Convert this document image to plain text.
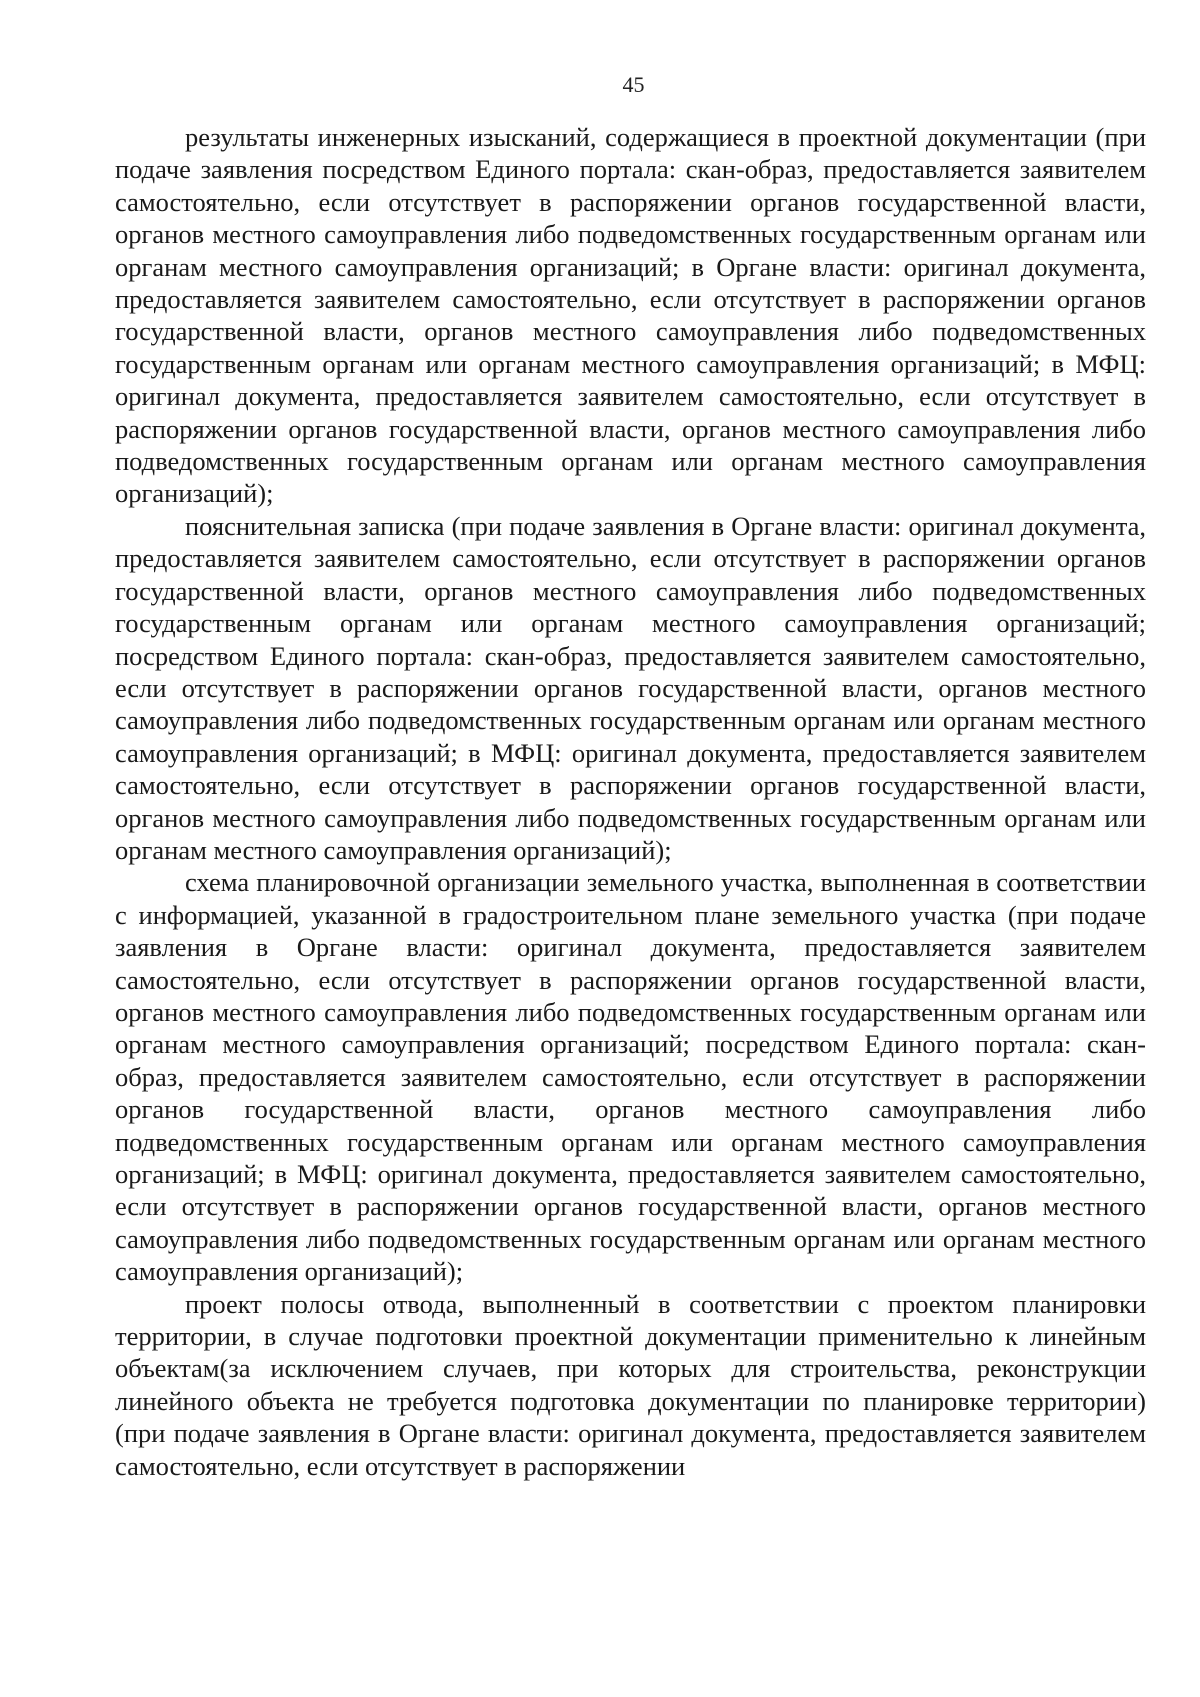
45

результаты инженерных изысканий, содержащиеся в проектной документации (при подаче заявления посредством Единого портала: скан-образ, предоставляется заявителем самостоятельно, если отсутствует в распоряжении органов государственной власти, органов местного самоуправления либо подведомственных государственным органам или органам местного самоуправления организаций; в Органе власти: оригинал документа, предоставляется заявителем самостоятельно, если отсутствует в распоряжении органов государственной власти, органов местного самоуправления либо подведомственных государственным органам или органам местного самоуправления организаций; в МФЦ: оригинал документа, предоставляется заявителем самостоятельно, если отсутствует в распоряжении органов государственной власти, органов местного самоуправления либо подведомственных государственным органам или органам местного самоуправления организаций);

пояснительная записка (при подаче заявления в Органе власти: оригинал документа, предоставляется заявителем самостоятельно, если отсутствует в распоряжении органов государственной власти, органов местного самоуправления либо подведомственных государственным органам или органам местного самоуправления организаций; посредством Единого портала: скан-образ, предоставляется заявителем самостоятельно, если отсутствует в распоряжении органов государственной власти, органов местного самоуправления либо подведомственных государственным органам или органам местного самоуправления организаций; в МФЦ: оригинал документа, предоставляется заявителем самостоятельно, если отсутствует в распоряжении органов государственной власти, органов местного самоуправления либо подведомственных государственным органам или органам местного самоуправления организаций);

схема планировочной организации земельного участка, выполненная в соответствии с информацией, указанной в градостроительном плане земельного участка (при подаче заявления в Органе власти: оригинал документа, предоставляется заявителем самостоятельно, если отсутствует в распоряжении органов государственной власти, органов местного самоуправления либо подведомственных государственным органам или органам местного самоуправления организаций; посредством Единого портала: скан-образ, предоставляется заявителем самостоятельно, если отсутствует в распоряжении органов государственной власти, органов местного самоуправления либо подведомственных государственным органам или органам местного самоуправления организаций; в МФЦ: оригинал документа, предоставляется заявителем самостоятельно, если отсутствует в распоряжении органов государственной власти, органов местного самоуправления либо подведомственных государственным органам или органам местного самоуправления организаций);

проект полосы отвода, выполненный в соответствии с проектом планировки территории, в случае подготовки проектной документации применительно к линейным объектам(за исключением случаев, при которых для строительства, реконструкции линейного объекта не требуется подготовка документации по планировке территории) (при подаче заявления в Органе власти: оригинал документа, предоставляется заявителем самостоятельно, если отсутствует в распоряжении
